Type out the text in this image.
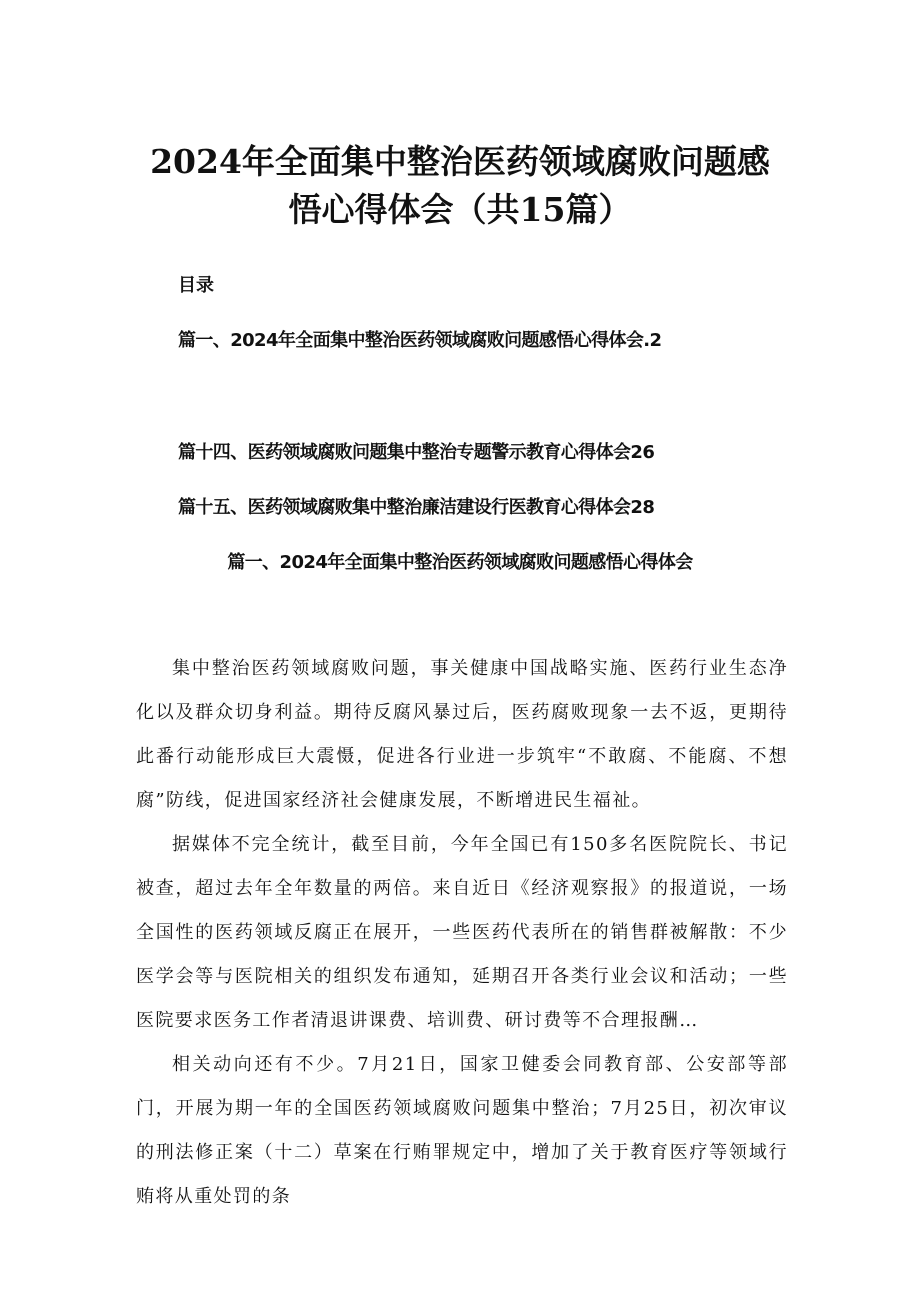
2024年全面集中整治医药领域腐败问题感
悟心得体会（共15篇）
目录
篇一、2024年全面集中整治医药领域腐败问题感悟心得体会.2
篇十四、医药领域腐败问题集中整治专题警示教育心得体会26
篇十五、医药领域腐败集中整治廉洁建设行医教育心得体会28
篇一、2024年全面集中整治医药领域腐败问题感悟心得体会

集中整治医药领域腐败问题，事关健康中国战略实施、医药行业生态净化以及群众切身利益。期待反腐风暴过后，医药腐败现象一去不返，更期待此番行动能形成巨大震慑，促进各行业进一步筑牢“不敢腐、不能腐、不想腐”防线，促进国家经济社会健康发展，不断增进民生福祉。

据媒体不完全统计，截至目前，今年全国已有150多名医院院长、书记被查，超过去年全年数量的两倍。来自近日《经济观察报》的报道说，一场全国性的医药领域反腐正在展开，一些医药代表所在的销售群被解散：不少医学会等与医院相关的组织发布通知，延期召开各类行业会议和活动；一些医院要求医务工作者清退讲课费、培训费、研讨费等不合理报酬…

相关动向还有不少。7月21日，国家卫健委会同教育部、公安部等部门，开展为期一年的全国医药领域腐败问题集中整治；7月25日，初次审议的刑法修正案（十二）草案在行贿罪规定中，增加了关于教育医疗等领域行贿将从重处罚的条
